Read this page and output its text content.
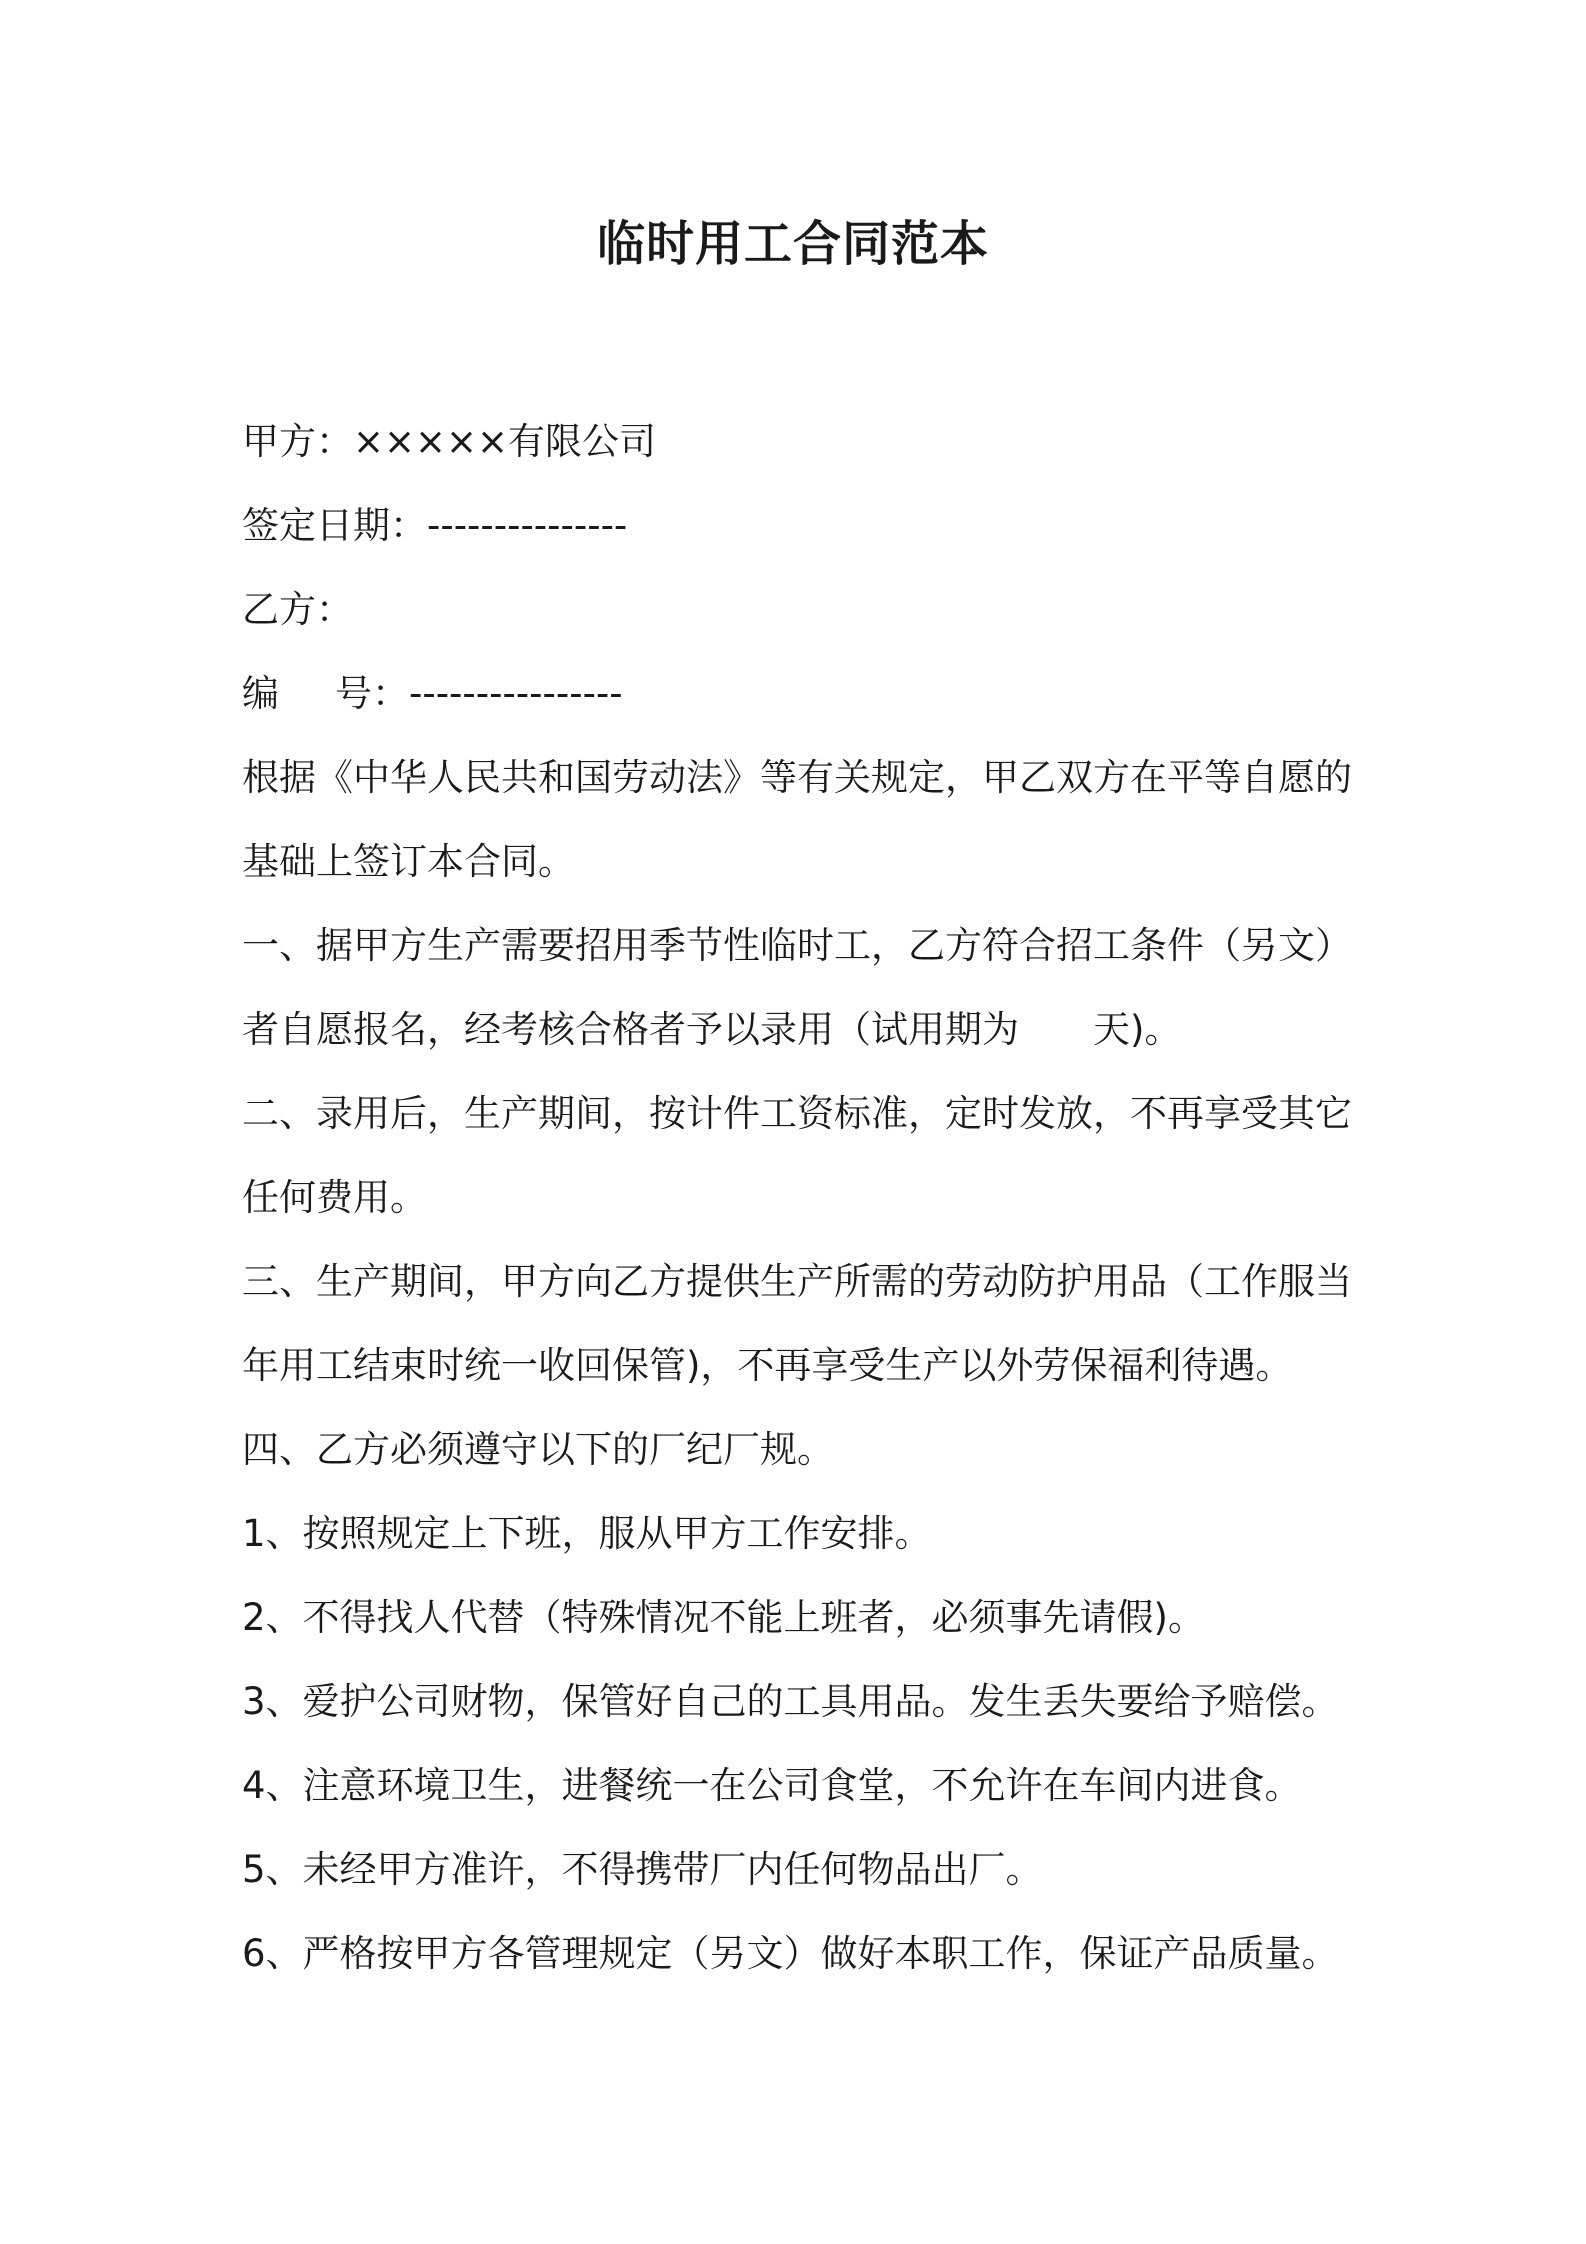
临时用工合同范本
甲方：×××××有限公司
签定日期：---------------
乙方：
编 号：----------------
根据《中华人民共和国劳动法》等有关规定，甲乙双方在平等自愿的基础上签订本合同。
一、据甲方生产需要招用季节性临时工，乙方符合招工条件（另文）者自愿报名，经考核合格者予以录用（试用期为　　天)。
二、录用后，生产期间，按计件工资标准，定时发放，不再享受其它任何费用。
三、生产期间，甲方向乙方提供生产所需的劳动防护用品（工作服当年用工结束时统一收回保管)，不再享受生产以外劳保福利待遇。
四、乙方必须遵守以下的厂纪厂规。
1、按照规定上下班，服从甲方工作安排。
2、不得找人代替（特殊情况不能上班者，必须事先请假)。
3、爱护公司财物，保管好自己的工具用品。发生丢失要给予赔偿。
4、注意环境卫生，进餐统一在公司食堂，不允许在车间内进食。
5、未经甲方准许，不得携带厂内任何物品出厂。
6、严格按甲方各管理规定（另文）做好本职工作，保证产品质量。
